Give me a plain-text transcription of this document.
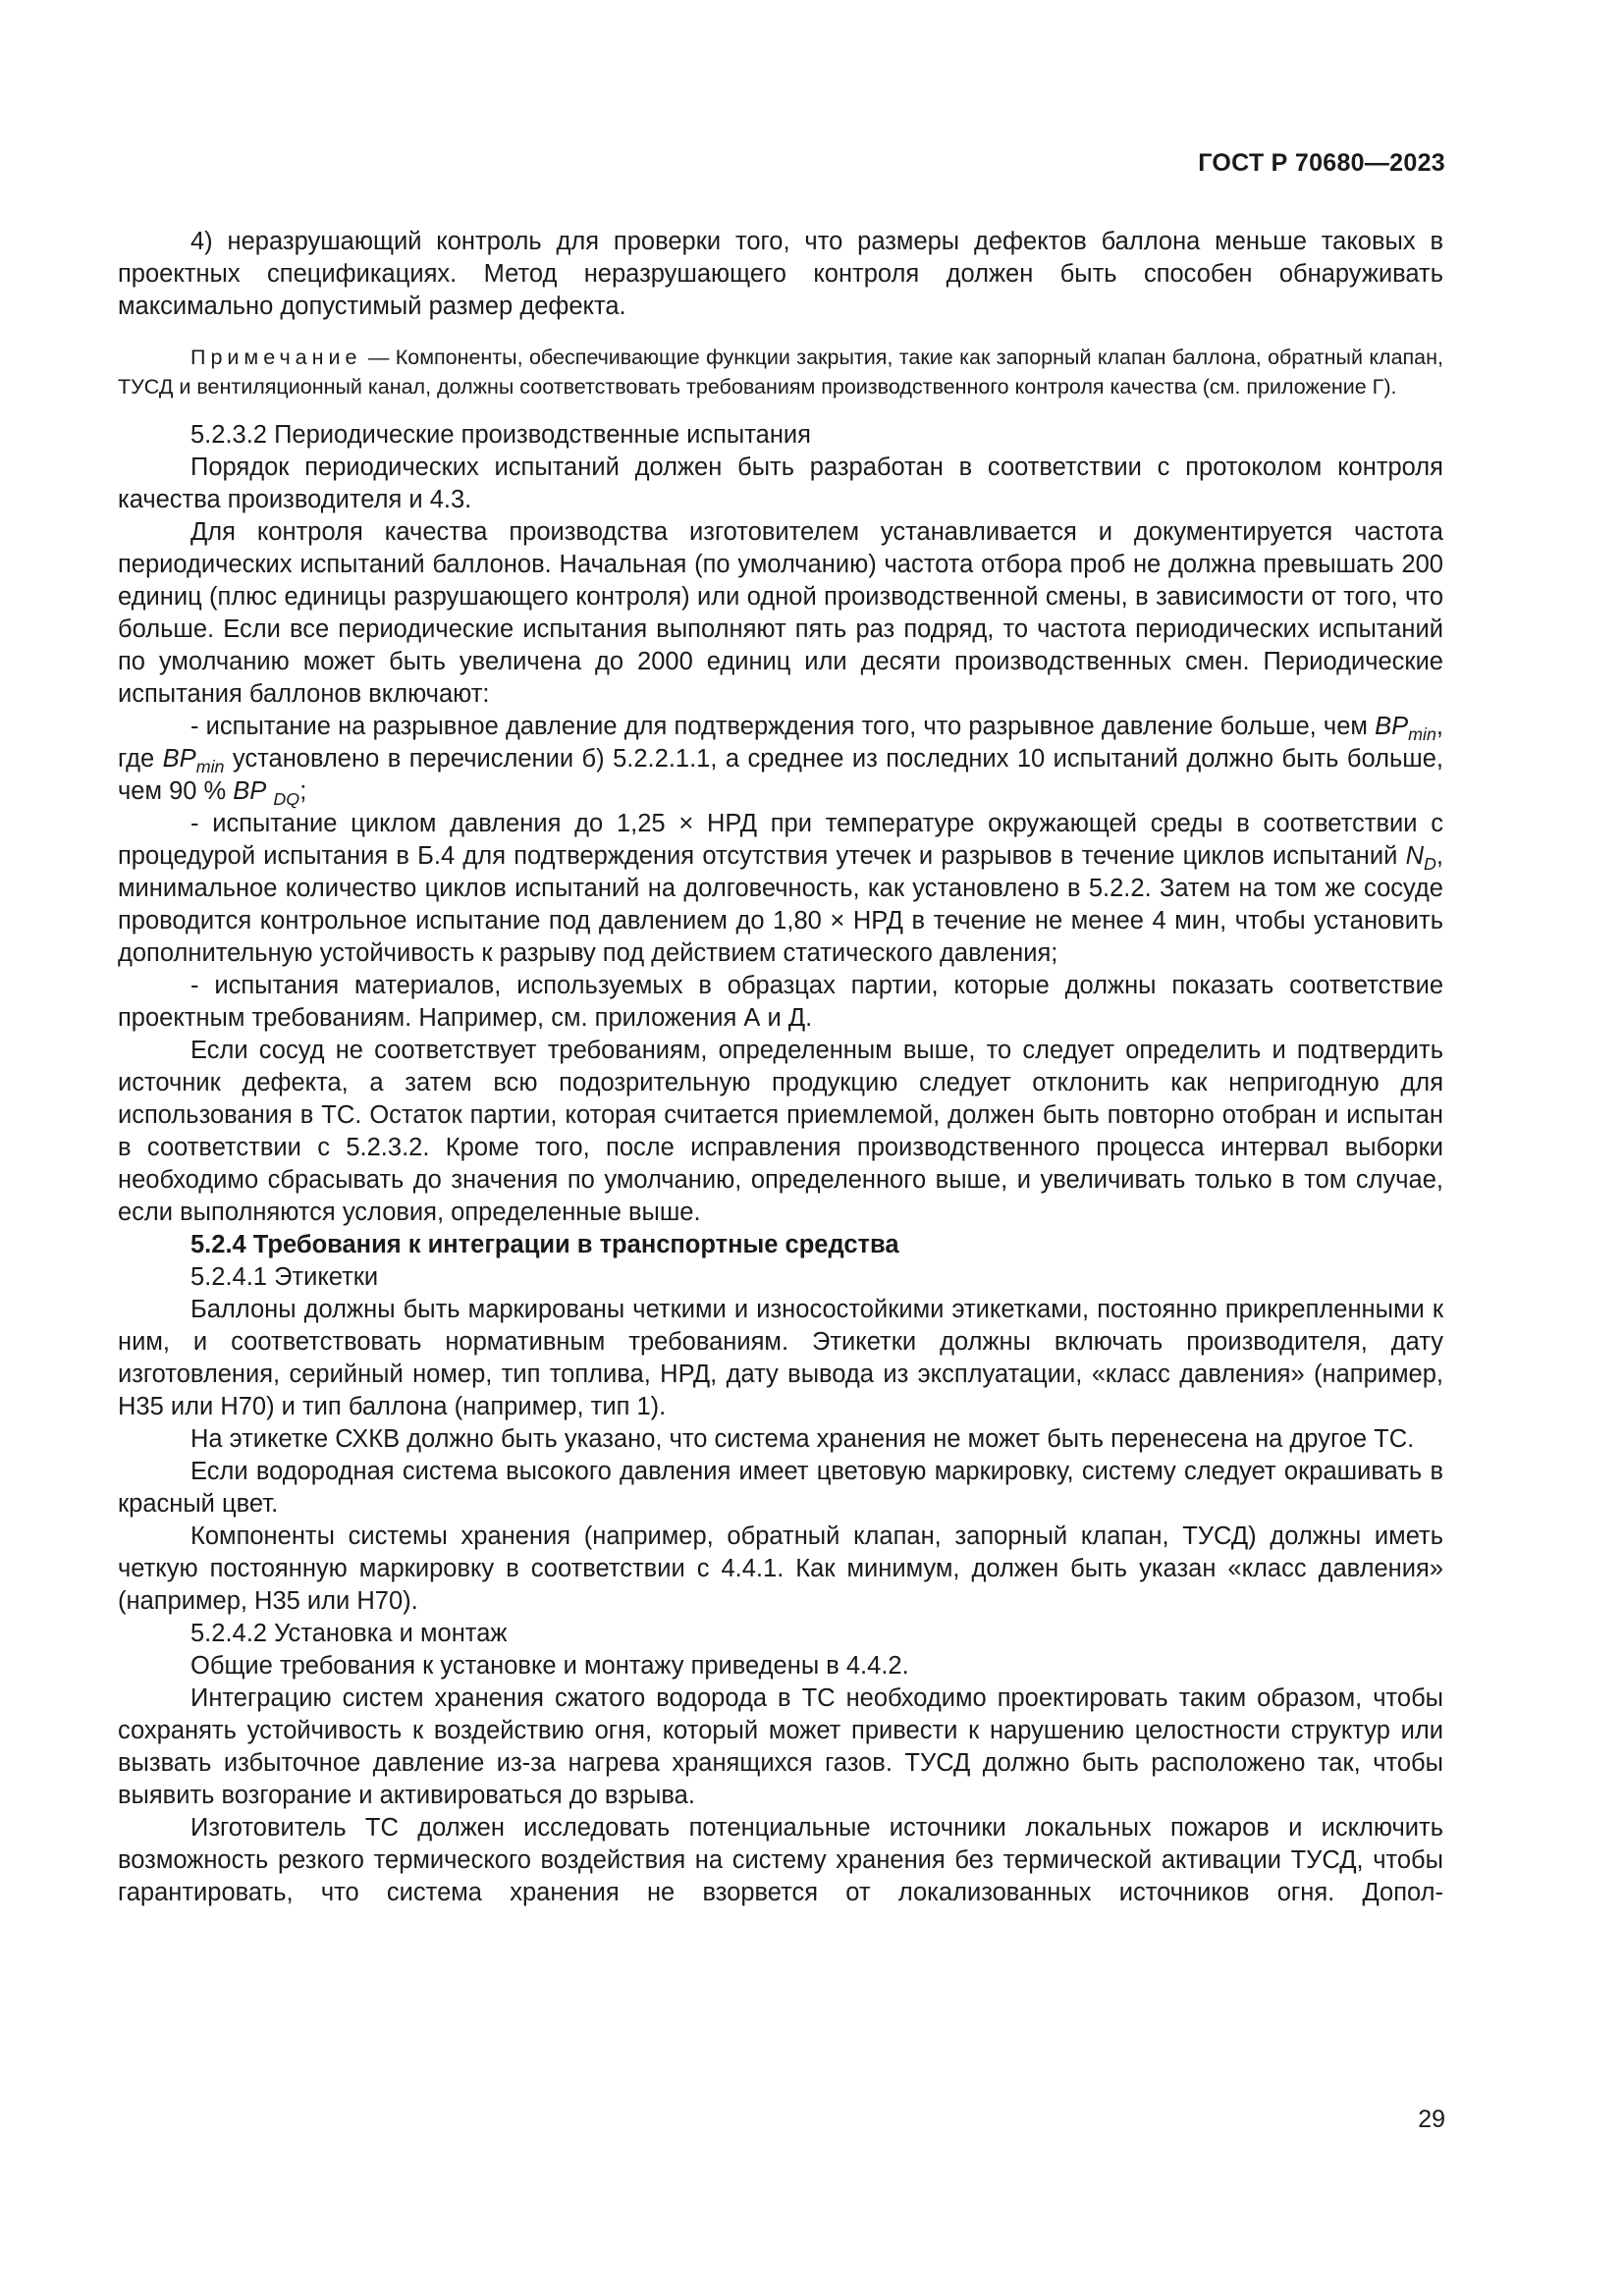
ГОСТ Р 70680—2023

4) неразрушающий контроль для проверки того, что размеры дефектов баллона меньше таковых в проектных спецификациях. Метод неразрушающего контроля должен быть способен обнаруживать максимально допустимый размер дефекта.

Примечание — Компоненты, обеспечивающие функции закрытия, такие как запорный клапан баллона, обратный клапан, ТУСД и вентиляционный канал, должны соответствовать требованиям производственного контроля качества (см. приложение Г).

5.2.3.2 Периодические производственные испытания

Порядок периодических испытаний должен быть разработан в соответствии с протоколом контроля качества производителя и 4.3.

Для контроля качества производства изготовителем устанавливается и документируется частота периодических испытаний баллонов. Начальная (по умолчанию) частота отбора проб не должна превышать 200 единиц (плюс единицы разрушающего контроля) или одной производственной смены, в зависимости от того, что больше. Если все периодические испытания выполняют пять раз подряд, то частота периодических испытаний по умолчанию может быть увеличена до 2000 единиц или десяти производственных смен. Периодические испытания баллонов включают:

- испытание на разрывное давление для подтверждения того, что разрывное давление больше, чем $BP_{min}$, где $BP_{min}$ установлено в перечислении б) 5.2.2.1.1, а среднее из последних 10 испытаний должно быть больше, чем 90 % BP $_{DQ}$;

- испытание циклом давления до 1,25 × НРД при температуре окружающей среды в соответствии с процедурой испытания в Б.4 для подтверждения отсутствия утечек и разрывов в течение циклов испытаний $N_D$, минимальное количество циклов испытаний на долговечность, как установлено в 5.2.2. Затем на том же сосуде проводится контрольное испытание под давлением до 1,80 × НРД в течение не менее 4 мин, чтобы установить дополнительную устойчивость к разрыву под действием статического давления;

- испытания материалов, используемых в образцах партии, которые должны показать соответствие проектным требованиям. Например, см. приложения А и Д.

Если сосуд не соответствует требованиям, определенным выше, то следует определить и подтвердить источник дефекта, а затем всю подозрительную продукцию следует отклонить как непригодную для использования в ТС. Остаток партии, которая считается приемлемой, должен быть повторно отобран и испытан в соответствии с 5.2.3.2. Кроме того, после исправления производственного процесса интервал выборки необходимо сбрасывать до значения по умолчанию, определенного выше, и увеличивать только в том случае, если выполняются условия, определенные выше.

5.2.4 Требования к интеграции в транспортные средства

5.2.4.1 Этикетки

Баллоны должны быть маркированы четкими и износостойкими этикетками, постоянно прикрепленными к ним, и соответствовать нормативным требованиям. Этикетки должны включать производителя, дату изготовления, серийный номер, тип топлива, НРД, дату вывода из эксплуатации, «класс давления» (например, Н35 или Н70) и тип баллона (например, тип 1).

На этикетке СХКВ должно быть указано, что система хранения не может быть перенесена на другое ТС.

Если водородная система высокого давления имеет цветовую маркировку, систему следует окрашивать в красный цвет.

Компоненты системы хранения (например, обратный клапан, запорный клапан, ТУСД) должны иметь четкую постоянную маркировку в соответствии с 4.4.1. Как минимум, должен быть указан «класс давления» (например, Н35 или Н70).

5.2.4.2 Установка и монтаж

Общие требования к установке и монтажу приведены в 4.4.2.

Интеграцию систем хранения сжатого водорода в ТС необходимо проектировать таким образом, чтобы сохранять устойчивость к воздействию огня, который может привести к нарушению целостности структур или вызвать избыточное давление из-за нагрева хранящихся газов. ТУСД должно быть расположено так, чтобы выявить возгорание и активироваться до взрыва.

Изготовитель ТС должен исследовать потенциальные источники локальных пожаров и исключить возможность резкого термического воздействия на систему хранения без термической активации ТУСД, чтобы гарантировать, что система хранения не взорвется от локализованных источников огня. Допол-

29
